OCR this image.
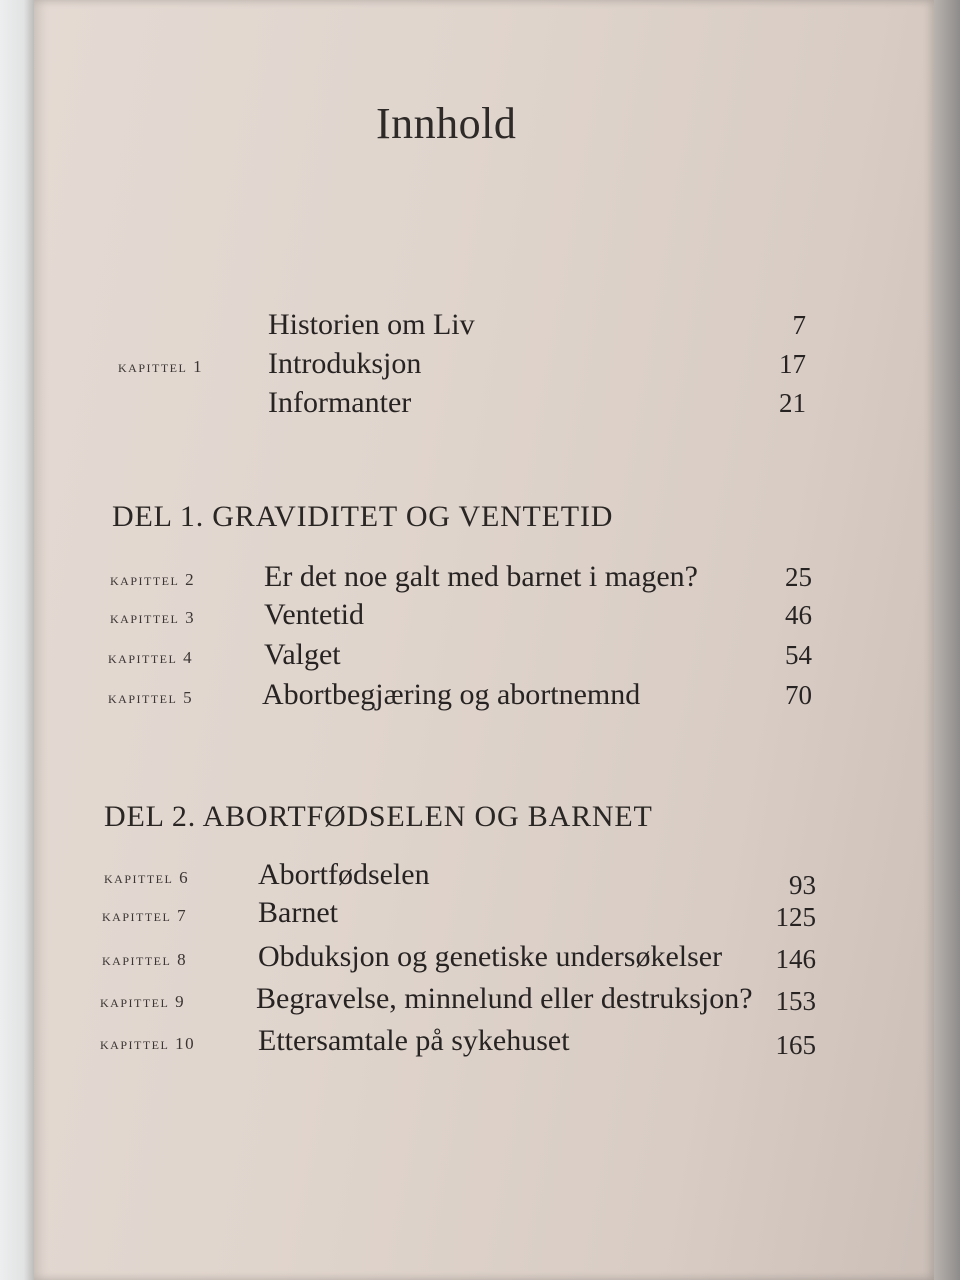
Innhold
Historien om Liv	7
kapittel 1 Introduksjon	17
Informanter	21
DEL 1. GRAVIDITET OG VENTETID
kapittel 2 Er det noe galt med barnet i magen?	25
kapittel 3 Ventetid	46
kapittel 4 Valget	54
kapittel 5 Abortbegjæring og abortnemnd	70
DEL 2. ABORTFØDSELEN OG BARNET
kapittel 6 Abortfødselen	93
kapittel 7 Barnet	125
kapittel 8 Obduksjon og genetiske undersøkelser	146
kapittel 9 Begravelse, minnelund eller destruksjon? 153
kapittel 10 Ettersamtale på sykehuset	165
